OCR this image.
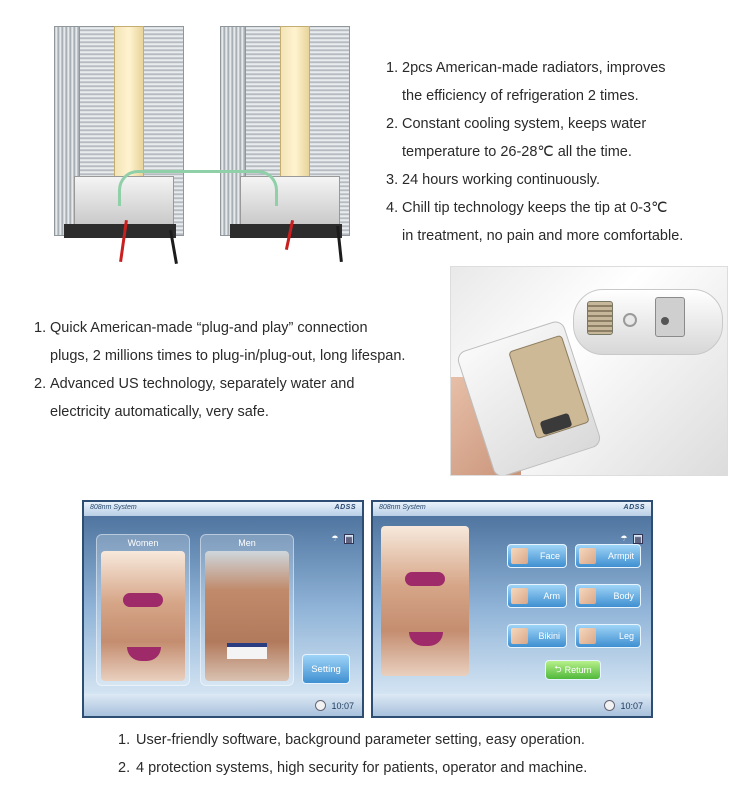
1. 2pcs American-made radiators, improves
the efficiency of refrigeration 2 times.
2. Constant cooling system, keeps water
temperature to 26-28℃ all the time.
3. 24 hours working continuously.
4. Chill tip technology keeps the tip at 0-3℃
in treatment, no pain and more comfortable.
1. Quick American-made “plug-and play” connection
plugs, 2 millions times to plug-in/plug-out, long lifespan.
2. Advanced US technology, separately water and
electricity automatically, very safe.
808nm System	ADSS
☂ ▦
Women	Men
Setting
10:07
808nm System	ADSS
☂ ▦
Face	Armpit
Arm	Body
Bikini	Leg
⮌ Return
10:07
1. User-friendly software, background parameter setting, easy operation.
2. 4 protection systems, high security for patients, operator and machine.
